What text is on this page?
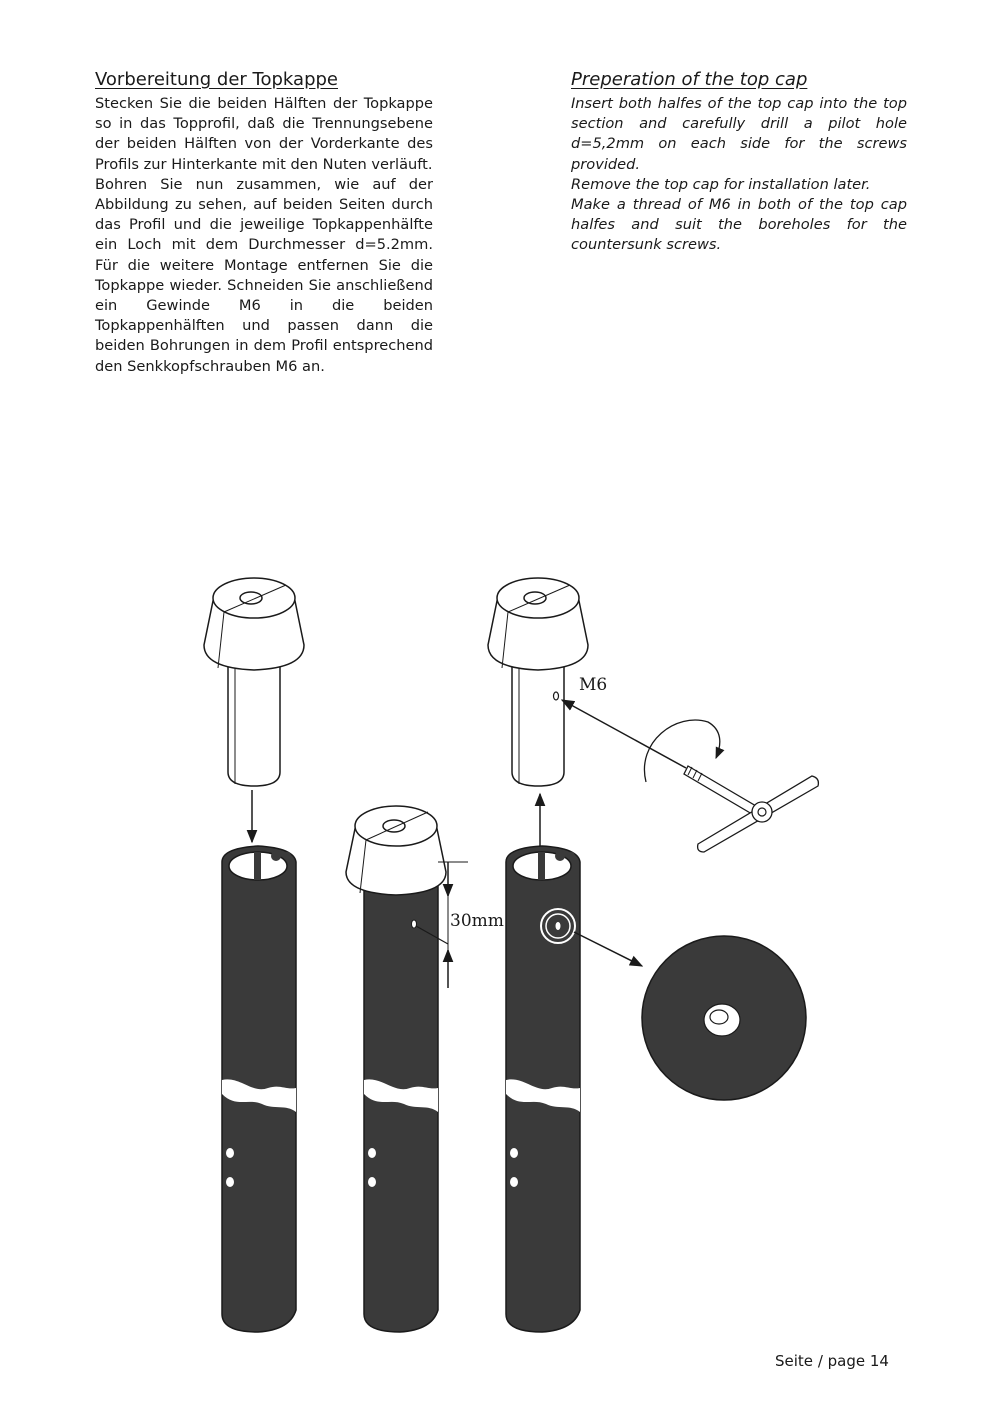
Vorbereitung der Topkappe

Stecken Sie die beiden Hälften der Topkappe so in das Topprofil, daß die Trennungsebene der beiden Hälften von der Vorderkante des Profils zur Hinterkante mit den Nuten verläuft.

Bohren Sie nun zusammen, wie auf der Abbildung zu sehen, auf beiden Seiten durch das Profil und die jeweilige Topkappenhälfte ein Loch mit dem Durchmesser d=5.2mm. Für die weitere Montage entfernen Sie die Topkappe wieder. Schneiden Sie anschließend ein Gewinde M6 in die beiden Topkappenhälften und passen dann die beiden Bohrungen in dem Profil entsprechend den Senkkopfschrauben M6 an.

Preperation of the top cap

Insert both halfes of the top cap into the top section and carefully drill a pilot hole d=5,2mm on each side for the screws provided.

Remove the top cap for installation later.

Make a thread of M6 in both of the top cap halfes and suit the boreholes for the countersunk screws.

30mm
M6
Seite / page 14
